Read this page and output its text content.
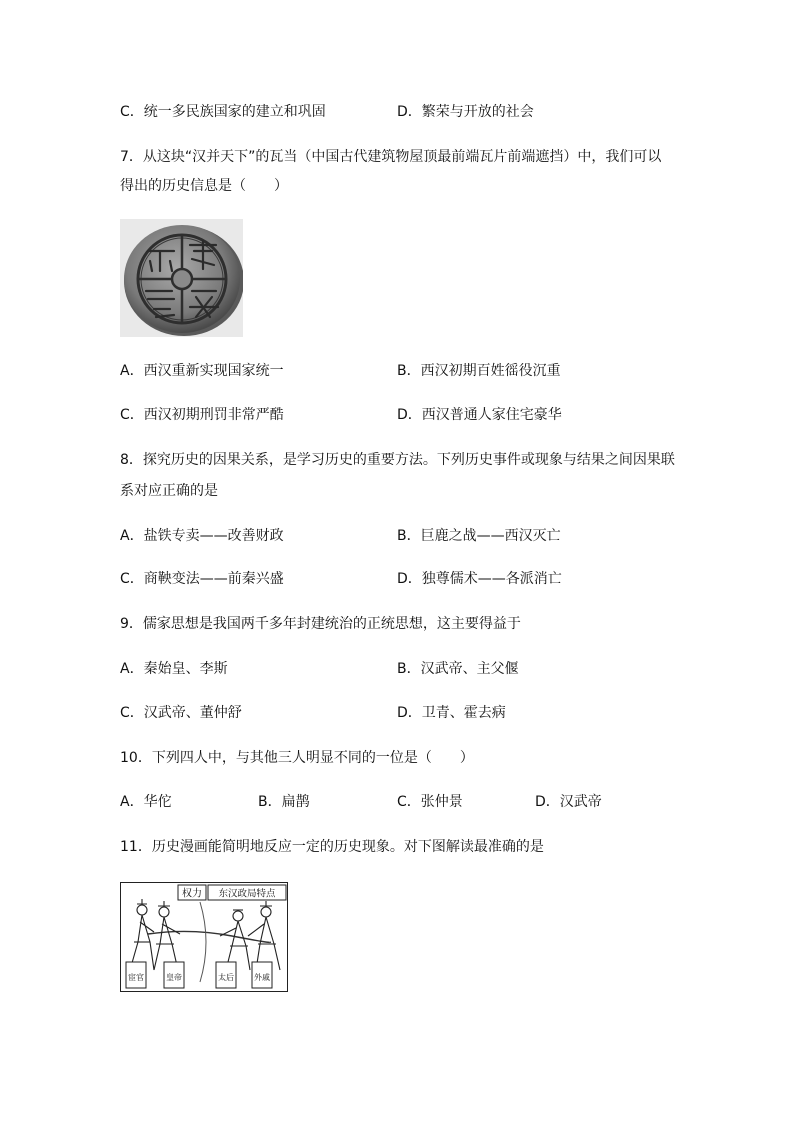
C．统一多民族国家的建立和巩固	D．繁荣与开放的社会
7．从这块“汉并天下”的瓦当（中国古代建筑物屋顶最前端瓦片前端遮挡）中，我们可以
得出的历史信息是（　　）
A．西汉重新实现国家统一	B．西汉初期百姓徭役沉重
C．西汉初期刑罚非常严酷	D．西汉普通人家住宅豪华
8．探究历史的因果关系，是学习历史的重要方法。下列历史事件或现象与结果之间因果联
系对应正确的是
A．盐铁专卖——改善财政	B．巨鹿之战——西汉灭亡
C．商鞅变法——前秦兴盛	D．独尊儒术——各派消亡
9．儒家思想是我国两千多年封建统治的正统思想，这主要得益于
A．秦始皇、李斯	B．汉武帝、主父偃
C．汉武帝、董仲舒	D．卫青、霍去病
10．下列四人中，与其他三人明显不同的一位是（　　）
A．华佗	B．扁鹊	C．张仲景	D．汉武帝
11．历史漫画能简明地反应一定的历史现象。对下图解读最准确的是
权力 东汉政局特点
宦官	皇帝	太后	外戚
